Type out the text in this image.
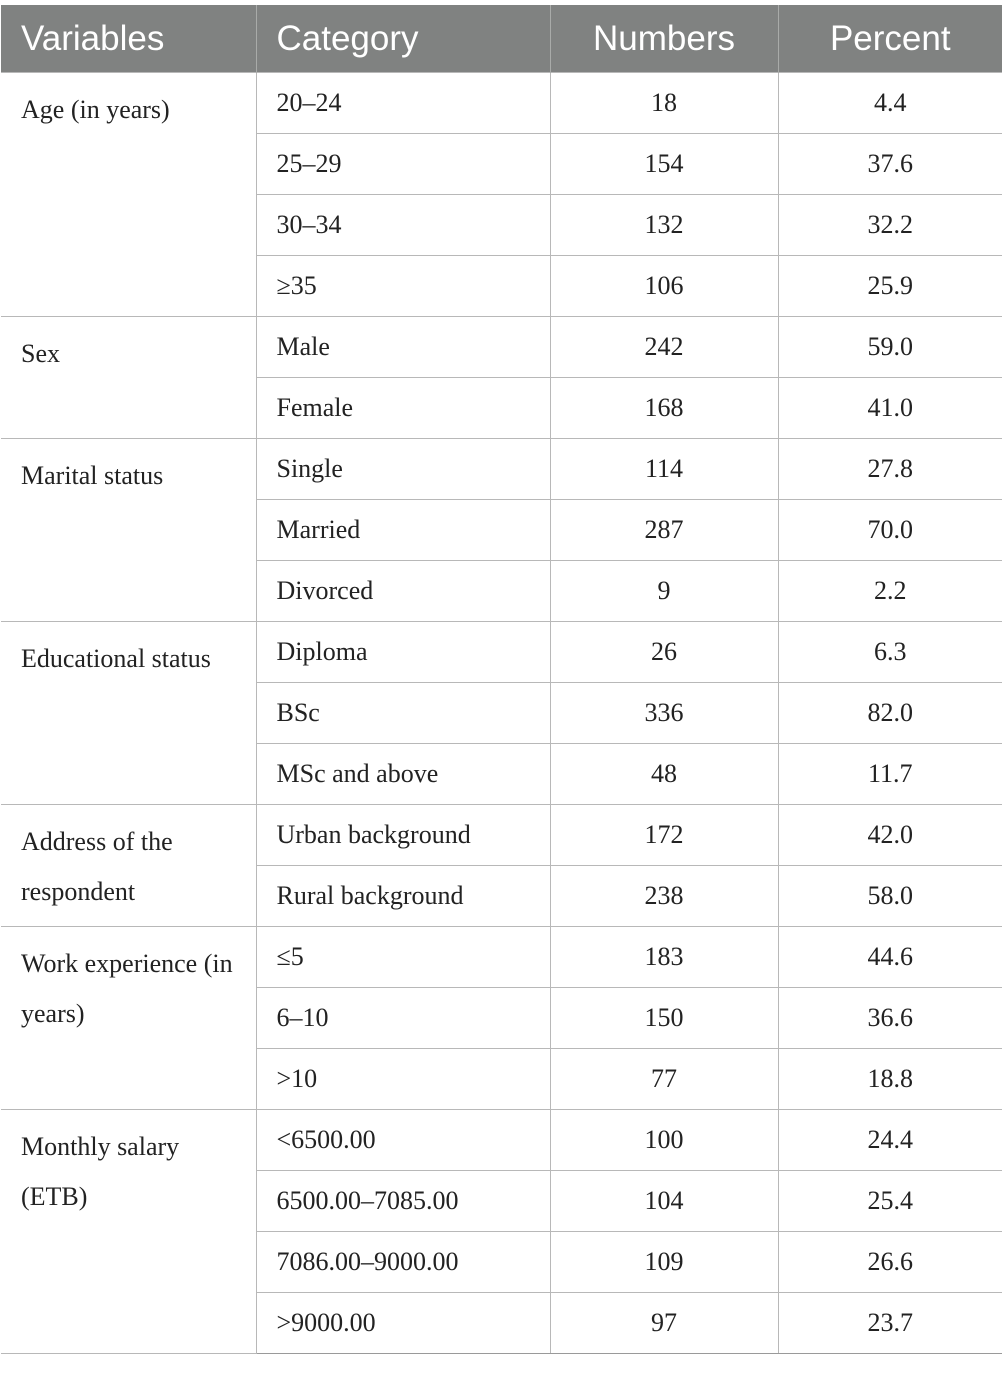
Variables	Category	Numbers	Percent
Age (in years)	20–24	18	4.4
	25–29	154	37.6
	30–34	132	32.2
	≥35	106	25.9
Sex	Male	242	59.0
	Female	168	41.0
Marital status	Single	114	27.8
	Married	287	70.0
	Divorced	9	2.2
Educational status	Diploma	26	6.3
	BSc	336	82.0
	MSc and above	48	11.7
Address of the respondent	Urban background	172	42.0
	Rural background	238	58.0
Work experience (in years)	≤5	183	44.6
	6–10	150	36.6
	>10	77	18.8
Monthly salary (ETB)	<6500.00	100	24.4
	6500.00–7085.00	104	25.4
	7086.00–9000.00	109	26.6
	>9000.00	97	23.7
